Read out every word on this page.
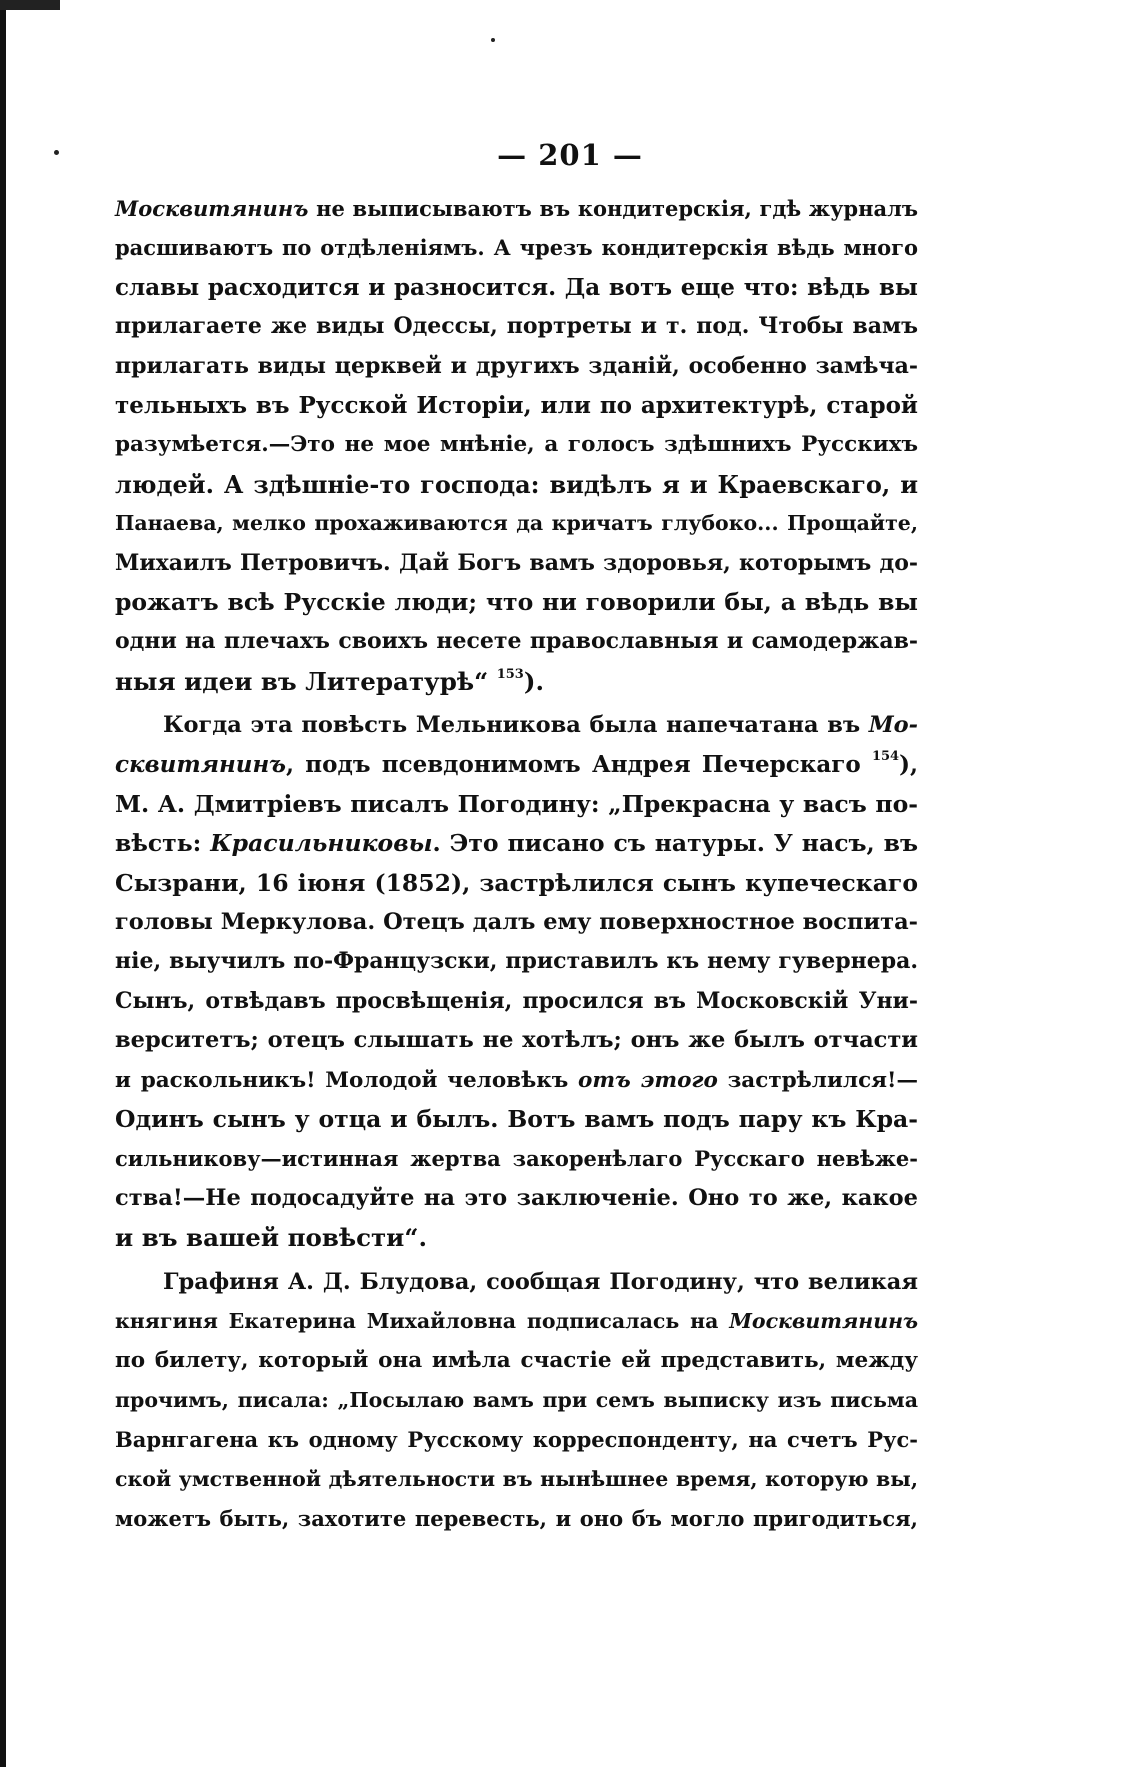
— 201 —
Москвитянинъ не выписываютъ въ кондитерскія, гдѣ журналъ
расшиваютъ по отдѣленіямъ. А чрезъ кондитерскія вѣдь много
славы расходится и разносится. Да вотъ еще что: вѣдь вы
прилагаете же виды Одессы, портреты и т. под. Чтобы вамъ
прилагать виды церквей и другихъ зданій, особенно замѣча-
тельныхъ въ Русской Исторіи, или по архитектурѣ, старой
разумѣется.—Это не мое мнѣніе, а голосъ здѣшнихъ Русскихъ
людей. А здѣшніе-то господа: видѣлъ я и Краевскаго, и
Панаева, мелко прохаживаются да кричатъ глубоко... Прощайте,
Михаилъ Петровичъ. Дай Богъ вамъ здоровья, которымъ до-
рожатъ всѣ Русскіе люди; что ни говорили бы, а вѣдь вы
одни на плечахъ своихъ несете православныя и самодержав-
ныя идеи въ Литературѣ“ $^{153}$).
Когда эта повѣсть Мельникова была напечатана въ Мо-
сквитянинъ, подъ псевдонимомъ Андрея Печерскаго $^{154}$),
М. А. Дмитріевъ писалъ Погодину: „Прекрасна у васъ по-
вѣсть: Красильниковы. Это писано съ натуры. У насъ, въ
Сызрани, 16 іюня (1852), застрѣлился сынъ купеческаго
головы Меркулова. Отецъ далъ ему поверхностное воспита-
ніе, выучилъ по-Французски, приставилъ къ нему гувернера.
Сынъ, отвѣдавъ просвѣщенія, просился въ Московскій Уни-
верситетъ; отецъ слышать не хотѣлъ; онъ же былъ отчасти
и раскольникъ! Молодой человѣкъ отъ этого застрѣлился!—
Одинъ сынъ у отца и былъ. Вотъ вамъ подъ пару къ Кра-
сильникову—истинная жертва закоренѣлаго Русскаго невѣже-
ства!—Не подосадуйте на это заключеніе. Оно то же, какое
и въ вашей повѣсти“.
Графиня А. Д. Блудова, сообщая Погодину, что великая
княгиня Екатерина Михайловна подписалась на Москвитянинъ
по билету, который она имѣла счастіе ей представить, между
прочимъ, писала: „Посылаю вамъ при семъ выписку изъ письма
Варнгагена къ одному Русскому корреспонденту, на счетъ Рус-
ской умственной дѣятельности въ нынѣшнее время, которую вы,
можетъ быть, захотите перевесть, и оно бъ могло пригодиться,
